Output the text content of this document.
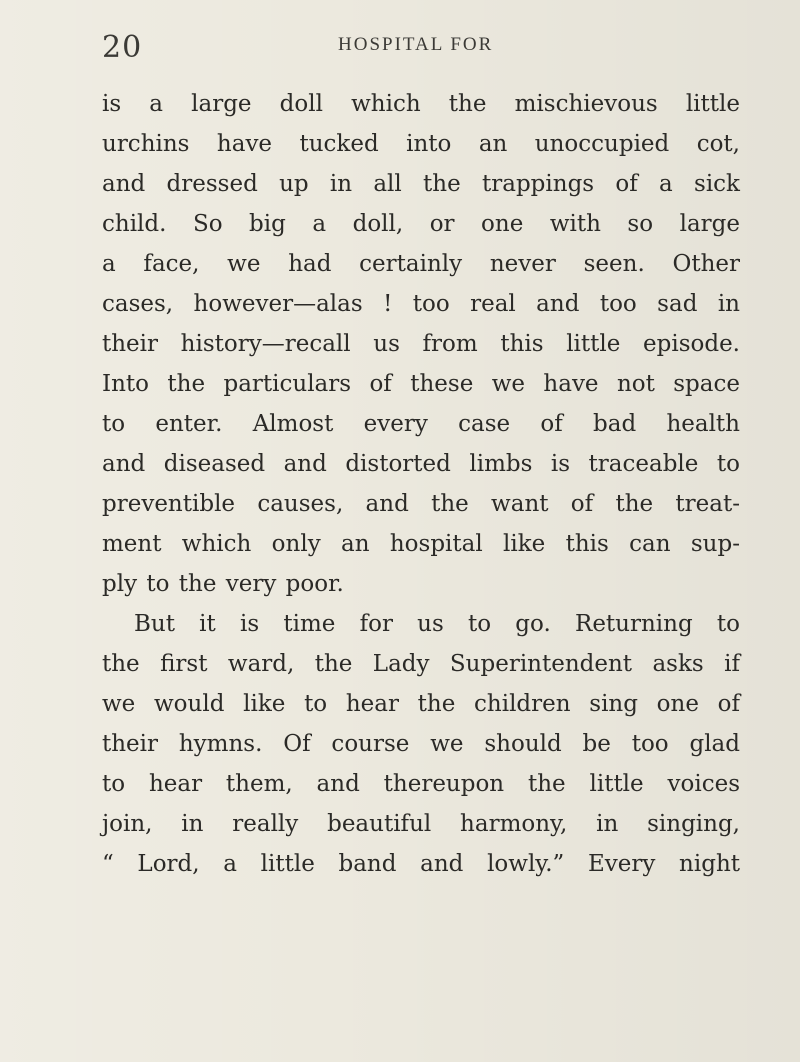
20	HOSPITAL FOR
is a large doll which the mischievous little
urchins have tucked into an unoccupied cot,
and dressed up in all the trappings of a sick
child. So big a doll, or one with so large
a face, we had certainly never seen. Other
cases, however—alas ! too real and too sad in
their history—recall us from this little episode.
Into the particulars of these we have not space
to enter. Almost every case of bad health
and diseased and distorted limbs is traceable to
preventible causes, and the want of the treat-
ment which only an hospital like this can sup-
ply to the very poor.
But it is time for us to go. Returning to
the first ward, the Lady Superintendent asks if
we would like to hear the children sing one of
their hymns. Of course we should be too glad
to hear them, and thereupon the little voices
join, in really beautiful harmony, in singing,
“ Lord, a little band and lowly.” Every night
